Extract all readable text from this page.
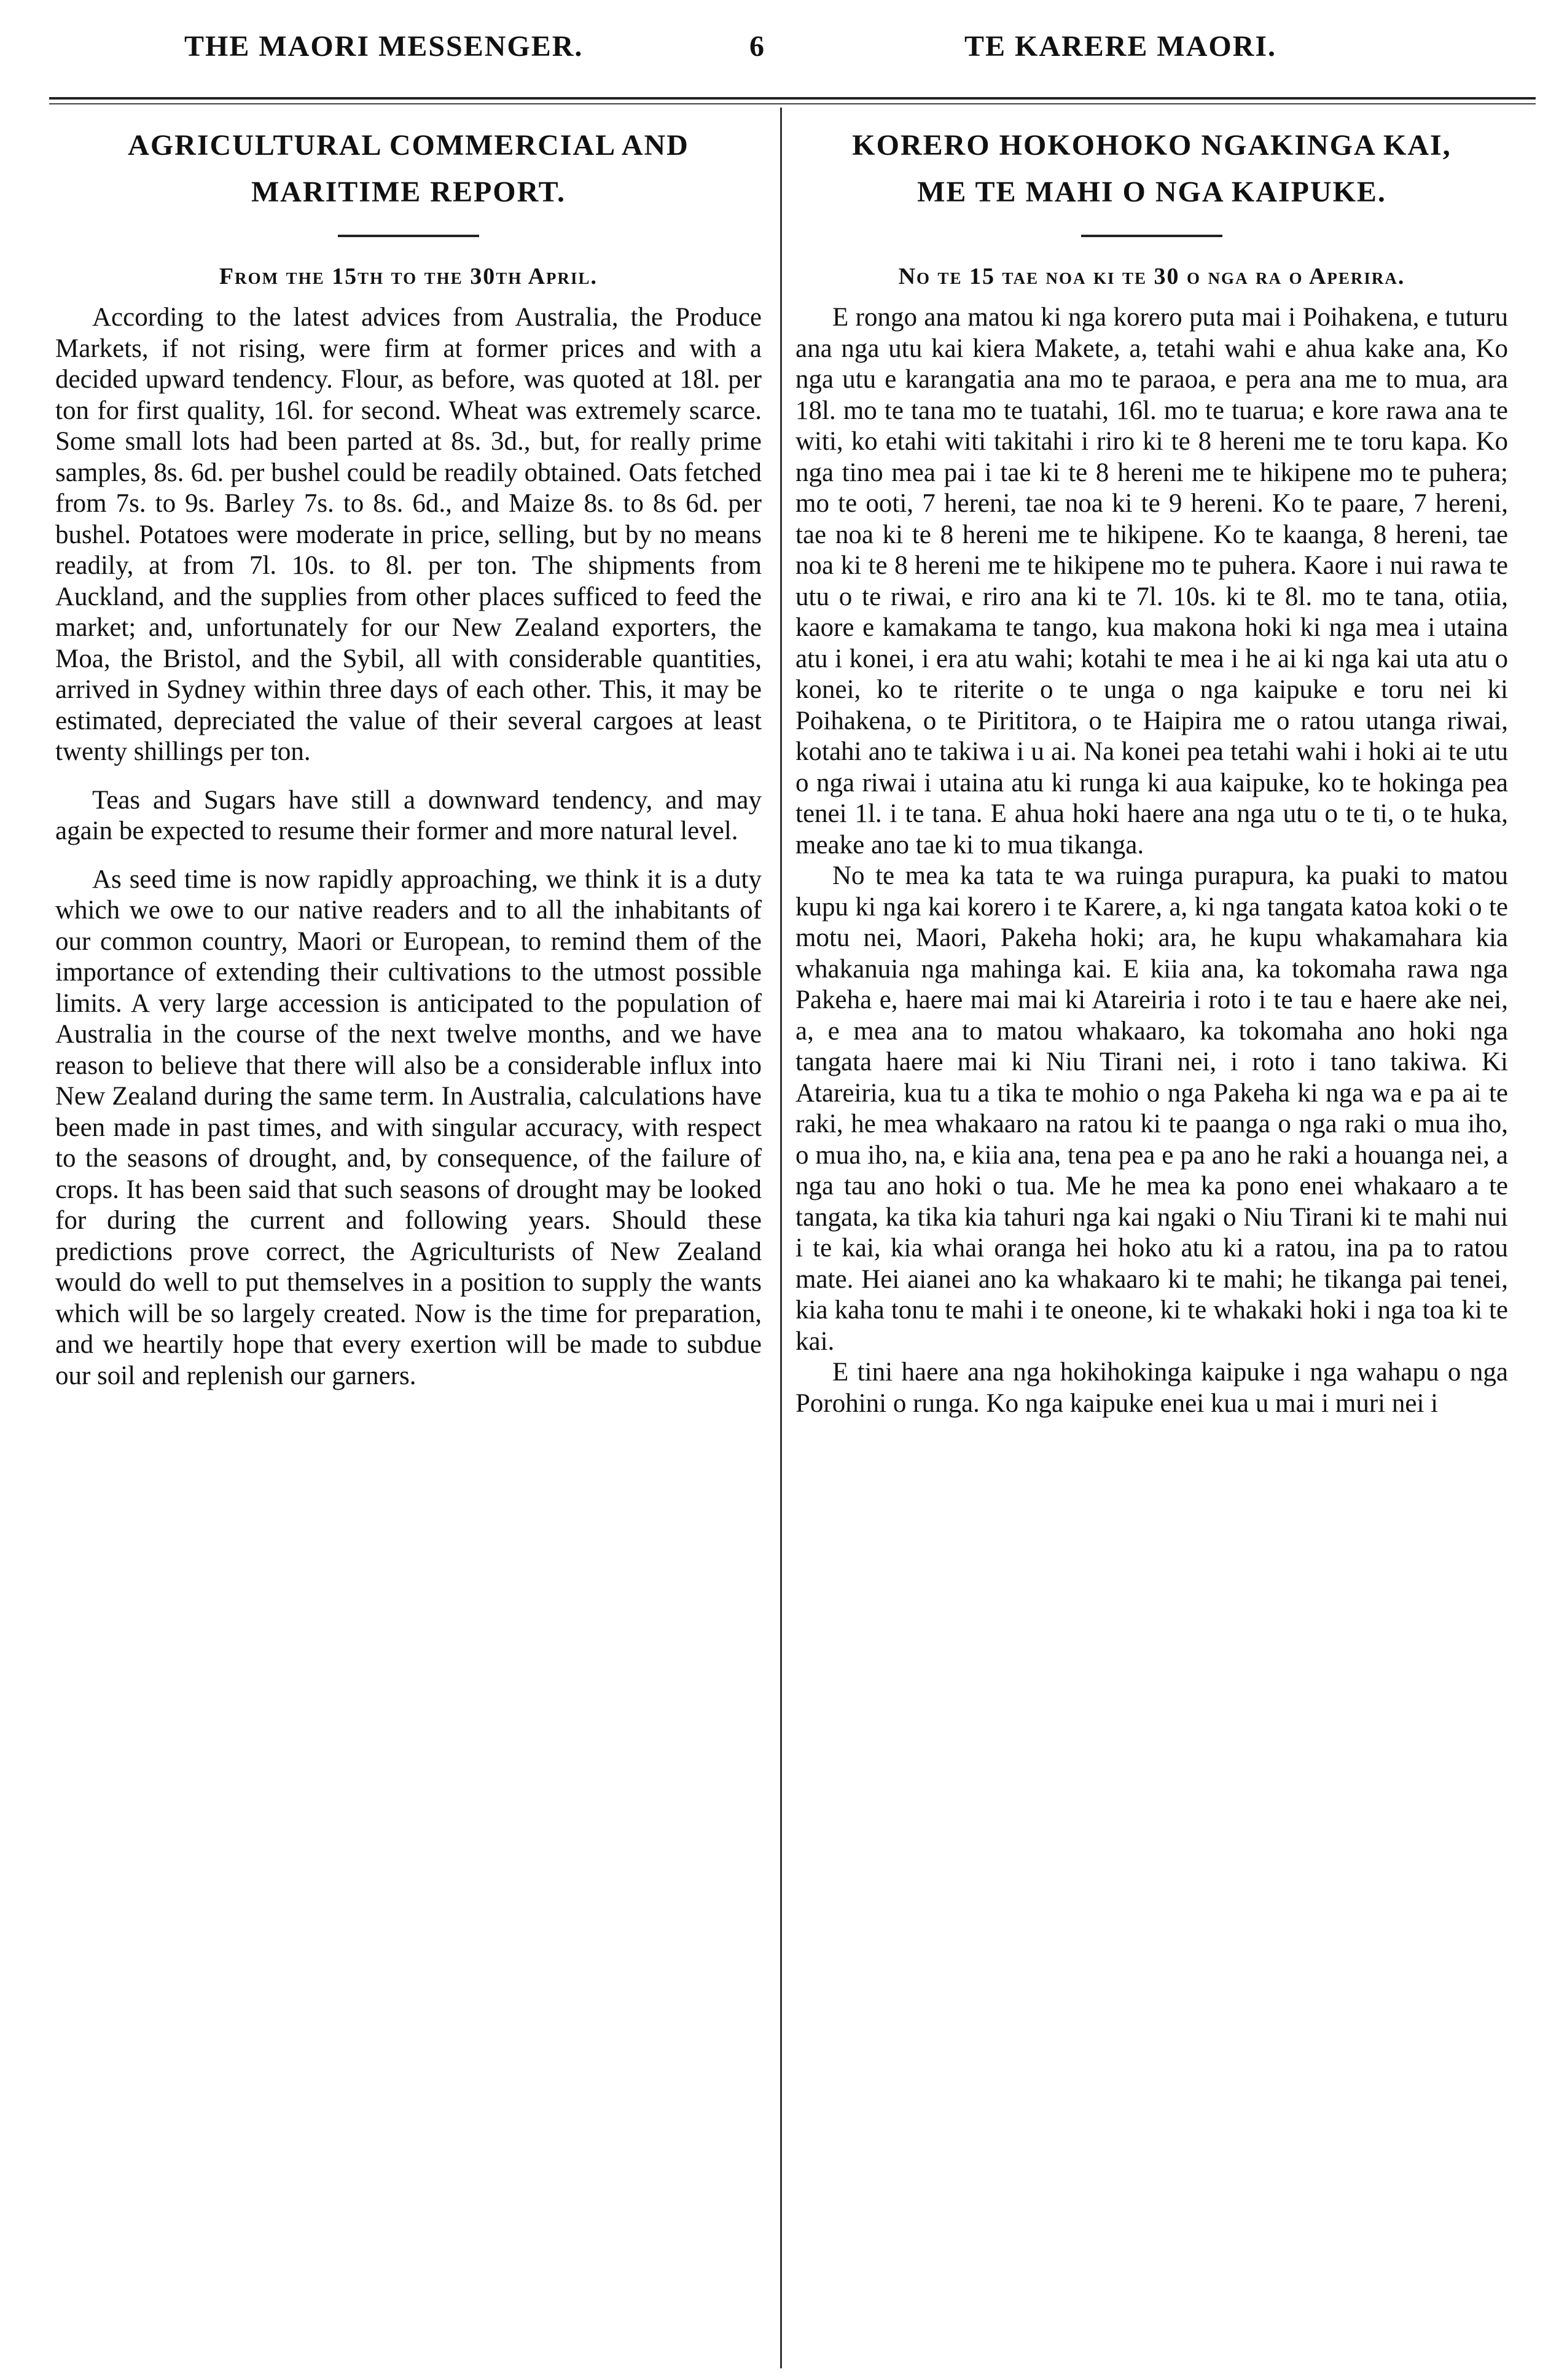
THE MAORI MESSENGER.	6	TE KARERE MAORI.
AGRICULTURAL COMMERCIAL AND
MARITIME REPORT.
From the 15th to the 30th April.

According to the latest advices from Australia, the Produce Markets, if not rising, were firm at former prices and with a decided upward tendency. Flour, as before, was quoted at 18l. per ton for first quality, 16l. for second. Wheat was extremely scarce. Some small lots had been parted at 8s. 3d., but, for really prime samples, 8s. 6d. per bushel could be readily obtained. Oats fetched from 7s. to 9s. Barley 7s. to 8s. 6d., and Maize 8s. to 8s 6d. per bushel. Potatoes were moderate in price, selling, but by no means readily, at from 7l. 10s. to 8l. per ton. The shipments from Auckland, and the supplies from other places sufficed to feed the market; and, unfortunately for our New Zealand exporters, the Moa, the Bristol, and the Sybil, all with considerable quantities, arrived in Sydney within three days of each other. This, it may be estimated, depreciated the value of their several cargoes at least twenty shillings per ton.

Teas and Sugars have still a downward tendency, and may again be expected to resume their former and more natural level.

As seed time is now rapidly approaching, we think it is a duty which we owe to our native readers and to all the inhabitants of our common country, Maori or European, to remind them of the importance of extending their cultivations to the utmost possible limits. A very large accession is anticipated to the population of Australia in the course of the next twelve months, and we have reason to believe that there will also be a considerable influx into New Zealand during the same term. In Australia, calculations have been made in past times, and with singular accuracy, with respect to the seasons of drought, and, by consequence, of the failure of crops. It has been said that such seasons of drought may be looked for during the current and following years. Should these predictions prove correct, the Agriculturists of New Zealand would do well to put themselves in a position to supply the wants which will be so largely created. Now is the time for preparation, and we heartily hope that every exertion will be made to subdue our soil and replenish our garners.

KORERO HOKOHOKO NGAKINGA KAI,
ME TE MAHI O NGA KAIPUKE.
No te 15 tae noa ki te 30 o nga ra o Aperira.

E rongo ana matou ki nga korero puta mai i Poihakena, e tuturu ana nga utu kai kiera Makete, a, tetahi wahi e ahua kake ana, Ko nga utu e karangatia ana mo te paraoa, e pera ana me to mua, ara 18l. mo te tana mo te tuatahi, 16l. mo te tuarua; e kore rawa ana te witi, ko etahi witi takitahi i riro ki te 8 hereni me te toru kapa. Ko nga tino mea pai i tae ki te 8 hereni me te hikipene mo te puhera; mo te ooti, 7 hereni, tae noa ki te 9 hereni. Ko te paare, 7 hereni, tae noa ki te 8 hereni me te hikipene. Ko te kaanga, 8 hereni, tae noa ki te 8 hereni me te hikipene mo te puhera. Kaore i nui rawa te utu o te riwai, e riro ana ki te 7l. 10s. ki te 8l. mo te tana, otiia, kaore e kamakama te tango, kua makona hoki ki nga mea i utaina atu i konei, i era atu wahi; kotahi te mea i he ai ki nga kai uta atu o konei, ko te riterite o te unga o nga kaipuke e toru nei ki Poihakena, o te Pirititora, o te Haipira me o ratou utanga riwai, kotahi ano te takiwa i u ai. Na konei pea tetahi wahi i hoki ai te utu o nga riwai i utaina atu ki runga ki aua kaipuke, ko te hokinga pea tenei 1l. i te tana. E ahua hoki haere ana nga utu o te ti, o te huka, meake ano tae ki to mua tikanga.

No te mea ka tata te wa ruinga purapura, ka puaki to matou kupu ki nga kai korero i te Karere, a, ki nga tangata katoa koki o te motu nei, Maori, Pakeha hoki; ara, he kupu whakamahara kia whakanuia nga mahinga kai. E kiia ana, ka tokomaha rawa nga Pakeha e, haere mai mai ki Atareiria i roto i te tau e haere ake nei, a, e mea ana to matou whakaaro, ka tokomaha ano hoki nga tangata haere mai ki Niu Tirani nei, i roto i tano takiwa. Ki Atareiria, kua tu a tika te mohio o nga Pakeha ki nga wa e pa ai te raki, he mea whakaaro na ratou ki te paanga o nga raki o mua iho, o mua iho, na, e kiia ana, tena pea e pa ano he raki a houanga nei, a nga tau ano hoki o tua. Me he mea ka pono enei whakaaro a te tangata, ka tika kia tahuri nga kai ngaki o Niu Tirani ki te mahi nui i te kai, kia whai oranga hei hoko atu ki a ratou, ina pa to ratou mate. Hei aianei ano ka whakaaro ki te mahi; he tikanga pai tenei, kia kaha tonu te mahi i te oneone, ki te whakaki hoki i nga toa ki te kai.

E tini haere ana nga hokihokinga kaipuke i nga wahapu o nga Porohini o runga. Ko nga kaipuke enei kua u mai i muri nei i
